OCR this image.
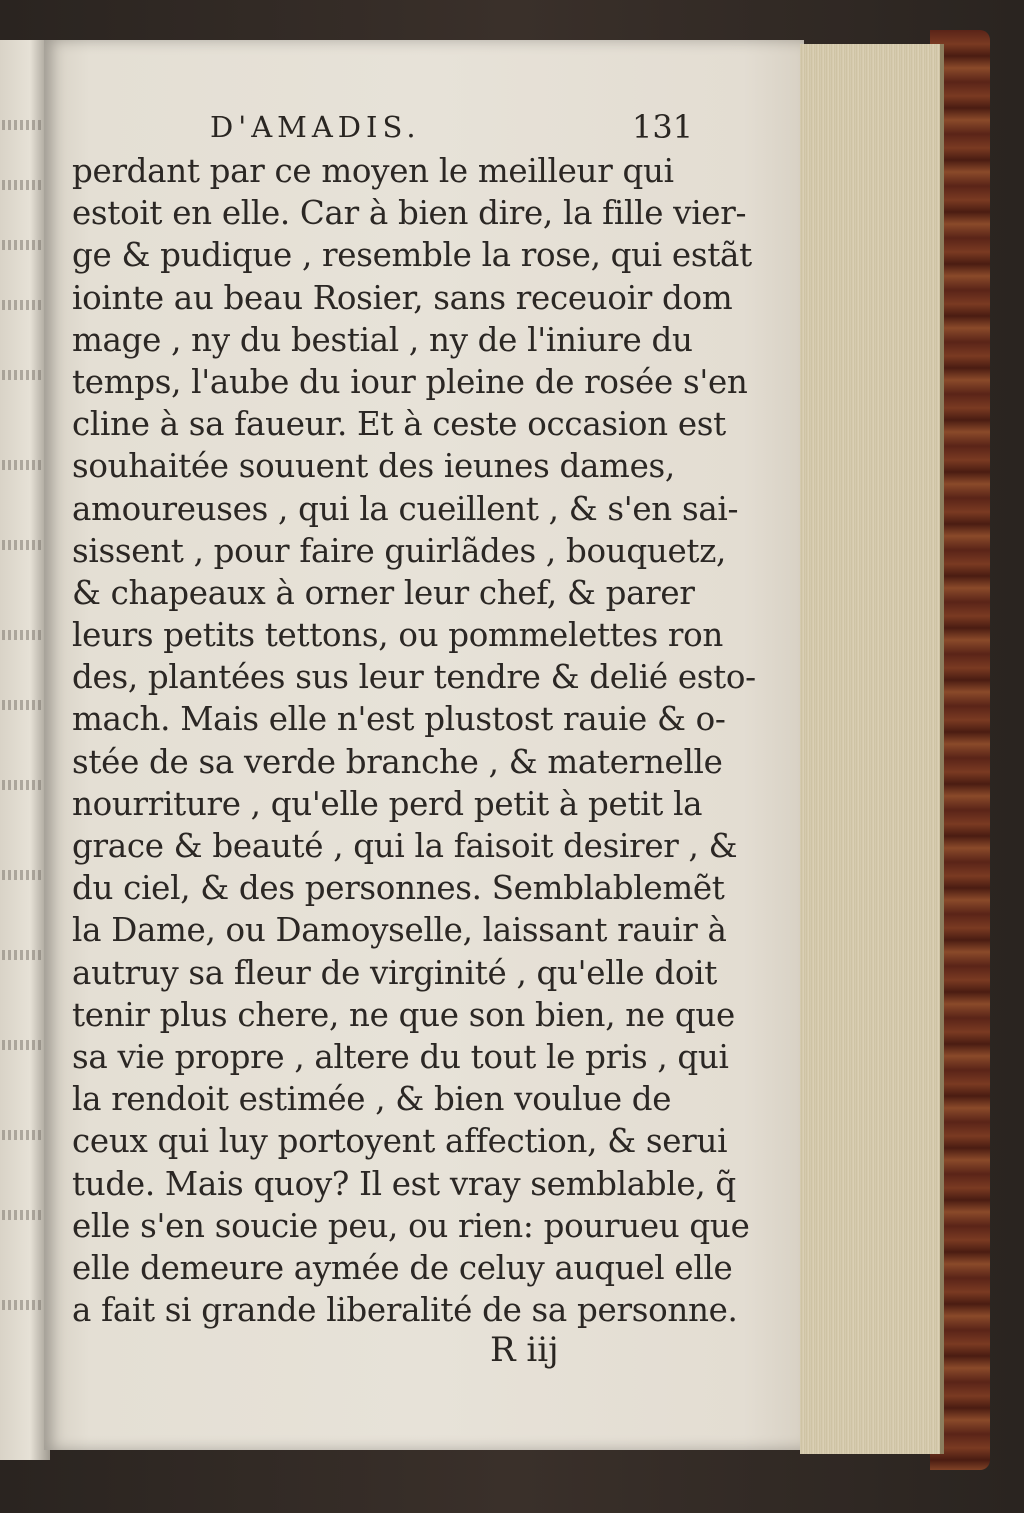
D'AMADIS.	131
perdant par ce moyen le meilleur qui
estoit en elle. Car à bien dire, la fille vier-
ge & pudique , resemble la rose, qui estãt
iointe au beau Rosier, sans receuoir dom
mage , ny du bestial , ny de l'iniure du
temps, l'aube du iour pleine de rosée s'en
cline à sa faueur. Et à ceste occasion est
souhaitée souuent des ieunes dames,
amoureuses , qui la cueillent , & s'en sai-
sissent , pour faire guirlãdes , bouquetz,
& chapeaux à orner leur chef, & parer
leurs petits tettons, ou pommelettes ron
des, plantées sus leur tendre & delié esto-
mach. Mais elle n'est plustost rauie & o-
stée de sa verde branche , & maternelle
nourriture , qu'elle perd petit à petit la
grace & beauté , qui la faisoit desirer , &
du ciel, & des personnes. Semblablemẽt
la Dame, ou Damoyselle, laissant rauir à
autruy sa fleur de virginité , qu'elle doit
tenir plus chere, ne que son bien, ne que
sa vie propre , altere du tout le pris , qui
la rendoit estimée , & bien voulue de
ceux qui luy portoyent affection, & serui
tude. Mais quoy? Il est vray semblable, q̃
elle s'en soucie peu, ou rien: pourueu que
elle demeure aymée de celuy auquel elle
a fait si grande liberalité de sa personne.
R iij
